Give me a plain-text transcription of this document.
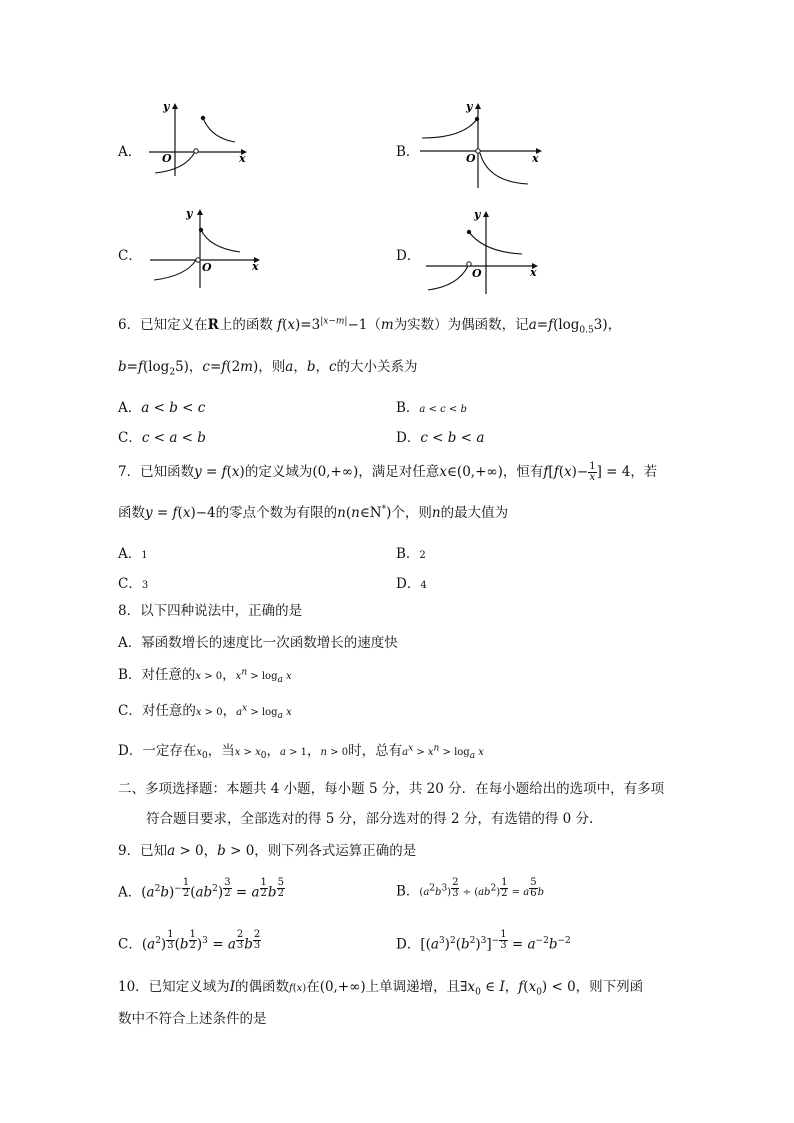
A．
y
O	x	B．
y
O	x
C．
y
O	x
D．
y
O	x
6．已知定义在R上的函数 $f(x)=3^{|x-m|}-1(m$为实数）为偶函数，记$a=f(\log_{0.5}3)$，
$b=f(\log_25)$，c=f(2m)，则a，b，c的大小关系为
A．a < b < c	B．a < c < b
C．c < a < b	D．c < b < a
7．已知函数y = f(x)的定义域为(0,+∞)，满足对任意x∈(0,+∞)，恒有$f[f(x)- \frac{1}{x}$ ] = 4，若
函数y = f(x)−4的零点个数为有限的n(n∈N*)个，则n的最大值为
A．1	B．2
C．3	D．4
8．以下四种说法中，正确的是
A．幂函数增长的速度比一次函数增长的速度快
B．对任意的x > 0，xn > loga x
C．对任意的x > 0，ax > loga x
D．一定存在x0，当x > x0，a > 1，n > 0时，总有ax > xn > loga x
二、多项选择题：本题共 4 小题，每小题 5 分，共 20 分．在每小题给出的选项中，有多项
符合题目要求，全部选对的得 5 分，部分选对的得 2 分，有选错的得 0 分.
9．已知a > 0，b > 0，则下列各式运算正确的是
A．$(a^2b)^{- \frac{1}{2}}$ $(ab^2) ^{\frac{3}{2}} = a$ $^{\frac{1}{2}}$ b $^{\frac{5}{2}}$	B．$(a2b3) \frac{2}{3} \div (ab2) \frac{1}{2} = a \frac{5}{6}$ b
C．$(a^2)$ $^{\frac{1}{3}}$ (b $^{\frac{1}{2}}$ )$^3$ = a $^{\frac{2}{3}}$ b $^{\frac{2}{3}}$	D．$[(a^3)^2(b^2)^3]^{- \frac{1}{3}} = a^{-2}b^{-2}$
10．已知定义域为I的偶函数f(x)在(0,+∞)上单调递增，且$\exists x_0$ ∈ I，$f(x_0) < 0$，则下列函
数中不符合上述条件的是
